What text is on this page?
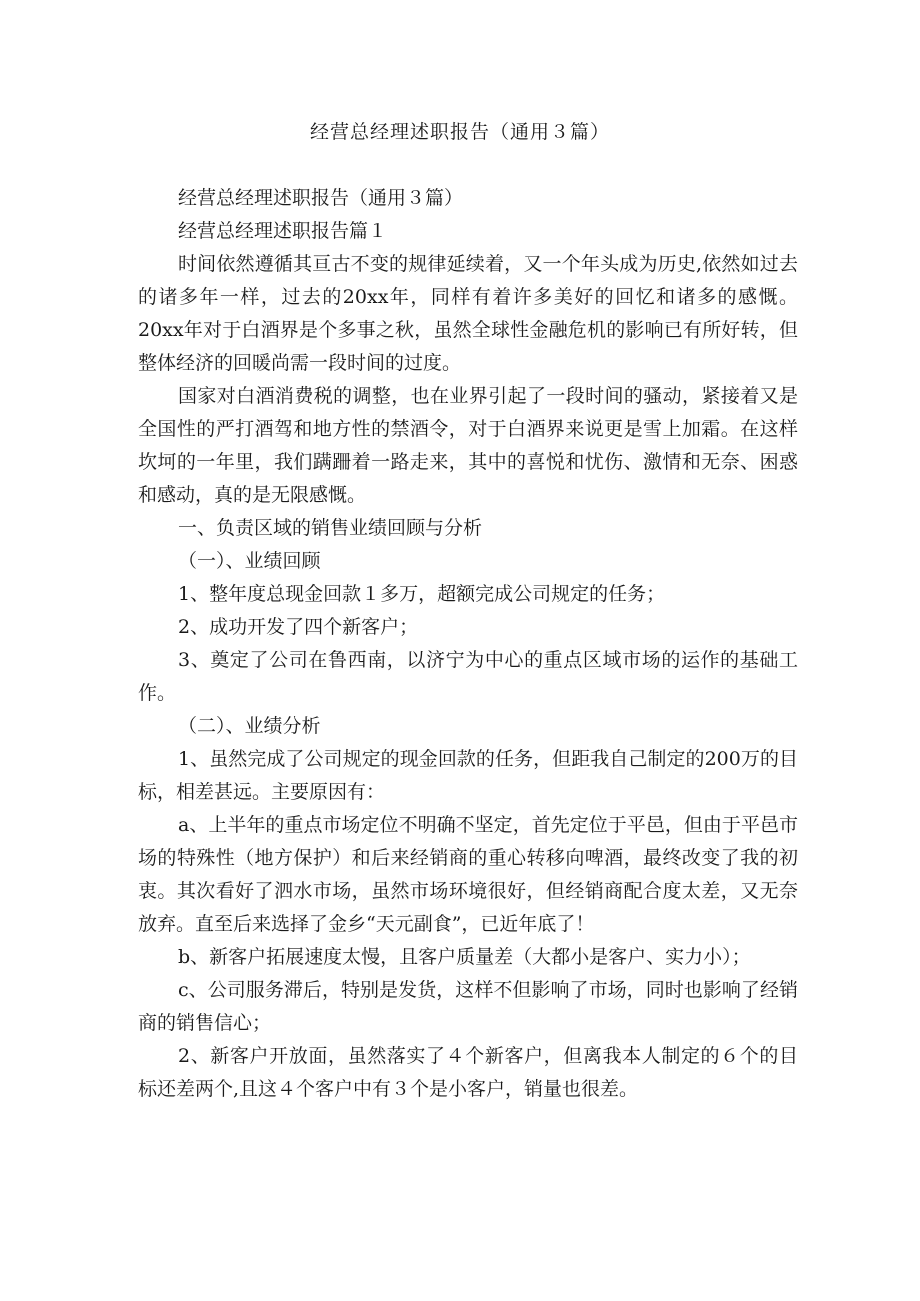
经营总经理述职报告（通用３篇）

经营总经理述职报告（通用３篇）

经营总经理述职报告篇１

时间依然遵循其亘古不变的规律延续着，又一个年头成为历史,依然如过去的诸多年一样，过去的20xx年，同样有着许多美好的回忆和诸多的感慨。20xx年对于白酒界是个多事之秋，虽然全球性金融危机的影响已有所好转，但整体经济的回暖尚需一段时间的过度。

国家对白酒消费税的调整，也在业界引起了一段时间的骚动，紧接着又是全国性的严打酒驾和地方性的禁酒令，对于白酒界来说更是雪上加霜。在这样坎坷的一年里，我们蹒跚着一路走来，其中的喜悦和忧伤、激情和无奈、困惑和感动，真的是无限感慨。

一、负责区域的销售业绩回顾与分析

（一）、业绩回顾

1、整年度总现金回款１多万，超额完成公司规定的任务；

2、成功开发了四个新客户；

3、奠定了公司在鲁西南，以济宁为中心的重点区域市场的运作的基础工作。

（二）、业绩分析

1、虽然完成了公司规定的现金回款的任务，但距我自己制定的200万的目标，相差甚远。主要原因有：

a、上半年的重点市场定位不明确不坚定，首先定位于平邑，但由于平邑市场的特殊性（地方保护）和后来经销商的重心转移向啤酒，最终改变了我的初衷。其次看好了泗水市场，虽然市场环境很好，但经销商配合度太差，又无奈放弃。直至后来选择了金乡“天元副食”，已近年底了！

b、新客户拓展速度太慢，且客户质量差（大都小是客户、实力小）；

c、公司服务滞后，特别是发货，这样不但影响了市场，同时也影响了经销商的销售信心；

2、新客户开放面，虽然落实了４个新客户，但离我本人制定的６个的目标还差两个,且这４个客户中有３个是小客户，销量也很差。
